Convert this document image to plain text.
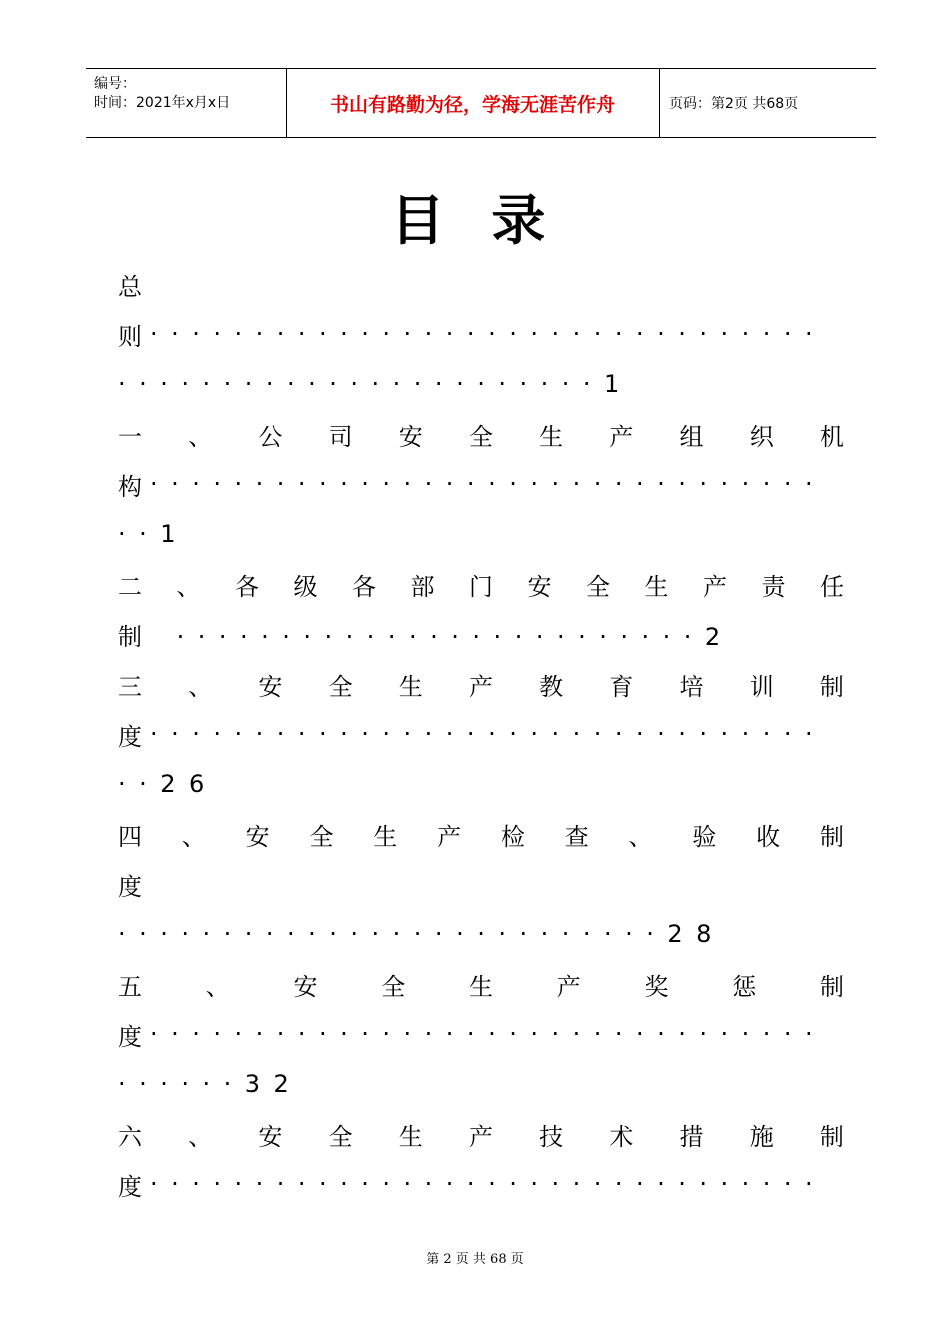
编号：
时间：2021年x月x日	书山有路勤为径，学海无涯苦作舟	页码：第2页 共68页
目 录
总
则 ································
·······················1
一 、 公 司 安 全 生 产 组 织 机
构 ································
··1
二 、 各 级 各 部 门 安 全 生 产 责 任
制 ·························2
三 、 安 全 生 产 教 育 培 训 制
度 ································
··26
四 、 安 全 生 产 检 查 、 验 收 制
度
··························28
五	、	安	全	生	产	奖	惩	制
度 ································
······32
六 、 安 全 生 产 技 术 措 施 制
度 ································
第 2 页 共 68 页
